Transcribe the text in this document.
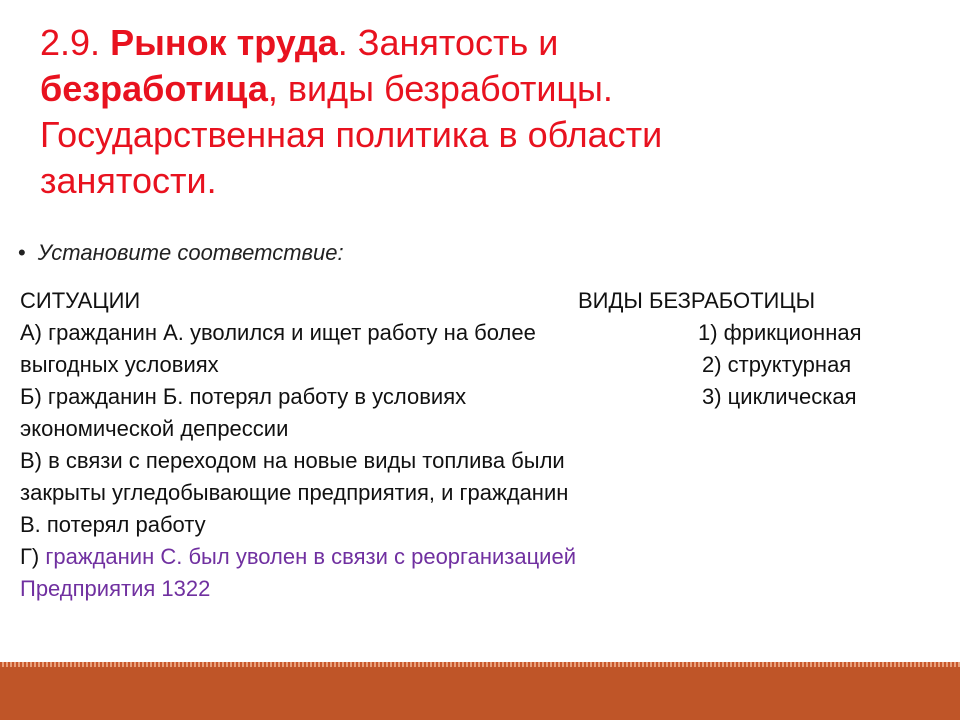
2.9. Рынок труда. Занятость и
безработица, виды безработицы.
Государственная политика в области
занятости.
• Установите соответствие:
СИТУАЦИИ	ВИДЫ БЕЗРАБОТИЦЫ
А) гражданин А. уволился и ищет работу на более	1) фрикционная
выгодных условиях	2) структурная
Б) гражданин Б. потерял работу в условиях	3) циклическая
экономической депрессии
В) в связи с переходом на новые виды топлива были
закрыты угледобывающие предприятия, и гражданин
В. потерял работу
Г) гражданин С. был уволен в связи с реорганизацией
Предприятия 1322
